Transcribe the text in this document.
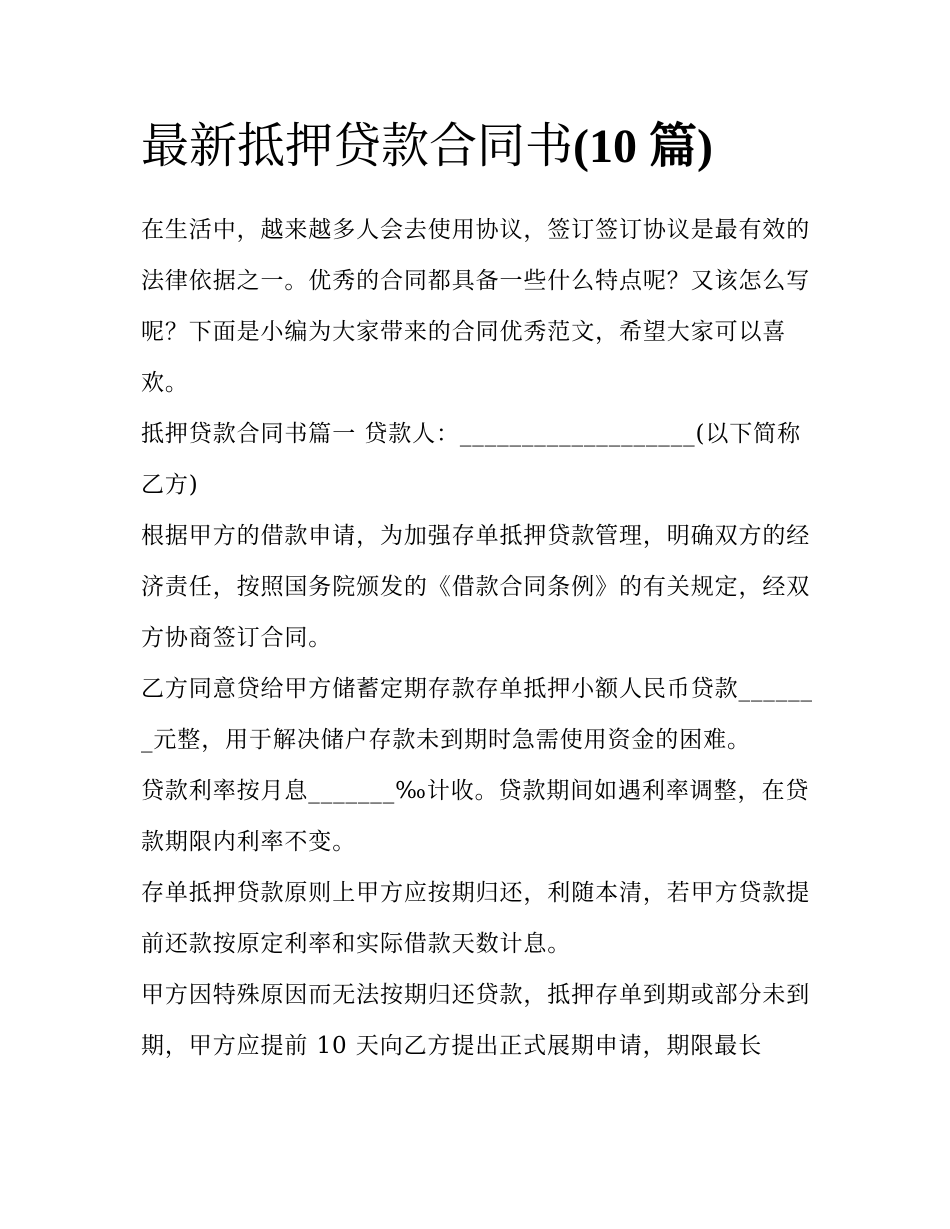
最新抵押贷款合同书(10 篇)

在生活中，越来越多人会去使用协议，签订签订协议是最有效的法律依据之一。优秀的合同都具备一些什么特点呢？又该怎么写呢？下面是小编为大家带来的合同优秀范文，希望大家可以喜欢。

抵押贷款合同书篇一 贷款人：___________________(以下简称乙方)

根据甲方的借款申请，为加强存单抵押贷款管理，明确双方的经济责任，按照国务院颁发的《借款合同条例》的有关规定，经双方协商签订合同。

乙方同意贷给甲方储蓄定期存款存单抵押小额人民币贷款_______元整，用于解决储户存款未到期时急需使用资金的困难。

贷款利率按月息_______‰计收。贷款期间如遇利率调整，在贷款期限内利率不变。

存单抵押贷款原则上甲方应按期归还，利随本清，若甲方贷款提前还款按原定利率和实际借款天数计息。

甲方因特殊原因而无法按期归还贷款，抵押存单到期或部分未到期，甲方应提前 10 天向乙方提出正式展期申请，期限最长
